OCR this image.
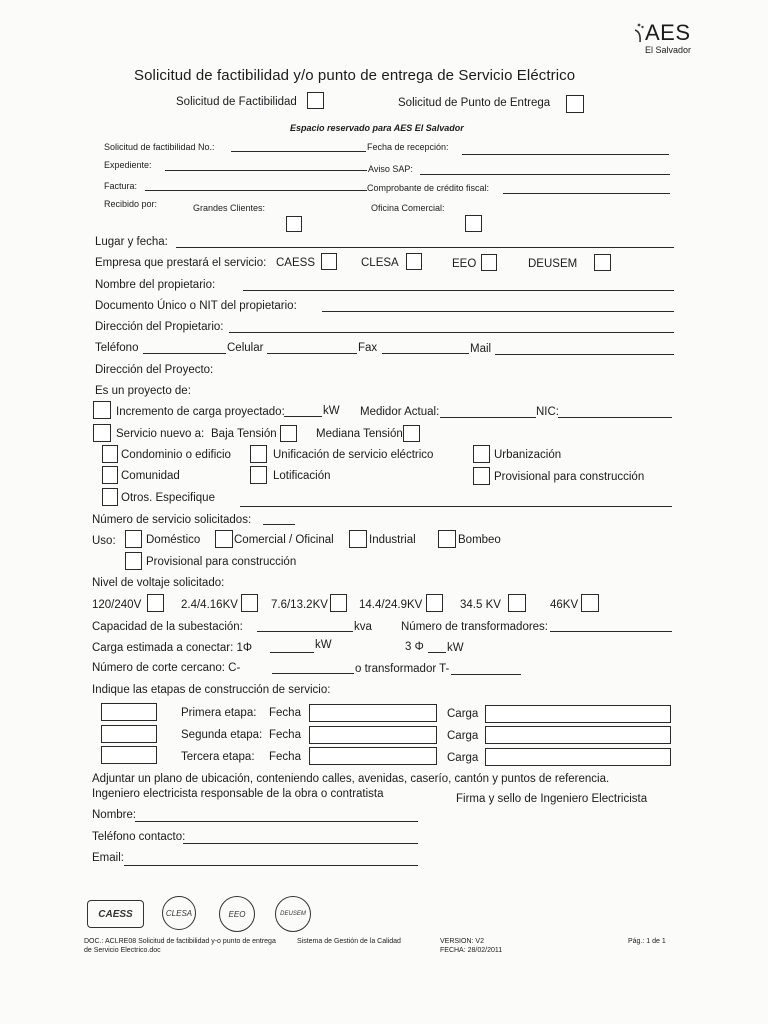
AES
El Salvador
Solicitud de factibilidad y/o punto de entrega de Servicio Eléctrico
Solicitud de Factibilidad	Solicitud de Punto de Entrega
Espacio reservado para AES El Salvador
Solicitud de factibilidad No.:	Fecha de recepción:
Expediente:	Aviso SAP:
Factura:	Comprobante de crédito fiscal:
Recibido por:	Grandes Clientes:	Oficina Comercial:
Lugar y fecha:
Empresa que prestará el servicio: CAESS	CLESA	EEO	DEUSEM
Nombre del propietario:
Documento Único o NIT del propietario:
Dirección del Propietario:
Teléfono	Celular	Fax	Mail
Dirección del Proyecto:
Es un proyecto de:
Incremento de carga proyectado:	kW Medidor Actual:	NIC:
Servicio nuevo a: Baja Tensión	Mediana Tensión
Condominio o edificio	Unificación de servicio eléctrico	Urbanización
Comunidad	Lotificación	Provisional para construcción
Otros. Especifique
Número de servicio solicitados:
Uso:	Doméstico	Comercial / Oficinal	Industrial	Bombeo
Provisional para construcción
Nivel de voltaje solicitado:
120/240V	2.4/4.16KV	7.6/13.2KV	14.4/24.9KV	34.5 KV	46KV
Capacidad de la subestación:	kva	Número de transformadores:
Carga estimada a conectar: 1Φ	kW	3 Φ kW
Número de corte cercano: C-	o transformador T-
Indique las etapas de construcción de servicio:
Primera etapa: Fecha	Carga
Segunda etapa: Fecha	Carga
Tercera etapa: Fecha	Carga
Adjuntar un plano de ubicación, conteniendo calles, avenidas, caserío, cantón y puntos de referencia.
Ingeniero electricista responsable de la obra o contratista	Firma y sello de Ingeniero Electricista
Nombre:
Teléfono contacto:
Email:
CAESS	CLESA	EEO	DEUSEM
DOC.: ACLRE08 Solicitud de factibilidad y-o punto de entrega
de Servicio Electrico.doc
Sistema de Gestión de la Calidad	VERSION: V2
FECHA: 28/02/2011
Pág.: 1 de 1
